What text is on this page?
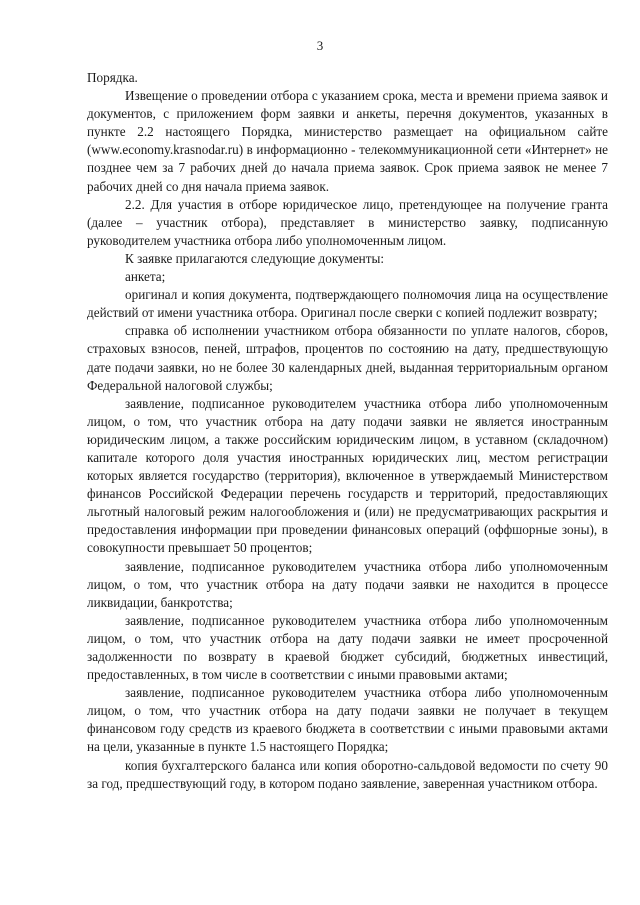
3

Порядка.

Извещение о проведении отбора с указанием срока, места и времени приема заявок и документов, с приложением форм заявки и анкеты, перечня документов, указанных в пункте 2.2 настоящего Порядка, министерство размещает на официальном сайте (www.economy.krasnodar.ru) в информационно - телекоммуникационной сети «Интернет» не позднее чем за 7 рабочих дней до начала приема заявок. Срок приема заявок не менее 7 рабочих дней со дня начала приема заявок.

2.2. Для участия в отборе юридическое лицо, претендующее на получение гранта (далее – участник отбора), представляет в министерство заявку, подписанную руководителем участника отбора либо уполномоченным лицом.

К заявке прилагаются следующие документы:

анкета;

оригинал и копия документа, подтверждающего полномочия лица на осуществление действий от имени участника отбора. Оригинал после сверки с копией подлежит возврату;

справка об исполнении участником отбора обязанности по уплате налогов, сборов, страховых взносов, пеней, штрафов, процентов по состоянию на дату, предшествующую дате подачи заявки, но не более 30 календарных дней, выданная территориальным органом Федеральной налоговой службы;

заявление, подписанное руководителем участника отбора либо уполномоченным лицом, о том, что участник отбора на дату подачи заявки не является иностранным юридическим лицом, а также российским юридическим лицом, в уставном (складочном) капитале которого доля участия иностранных юридических лиц, местом регистрации которых является государство (территория), включенное в утверждаемый Министерством финансов Российской Федерации перечень государств и территорий, предоставляющих льготный налоговый режим налогообложения и (или) не предусматривающих раскрытия и предоставления информации при проведении финансовых операций (оффшорные зоны), в совокупности превышает 50 процентов;

заявление, подписанное руководителем участника отбора либо уполномоченным лицом, о том, что участник отбора на дату подачи заявки не находится в процессе ликвидации, банкротства;

заявление, подписанное руководителем участника отбора либо уполномоченным лицом, о том, что участник отбора на дату подачи заявки не имеет просроченной задолженности по возврату в краевой бюджет субсидий, бюджетных инвестиций, предоставленных, в том числе в соответствии с иными правовыми актами;

заявление, подписанное руководителем участника отбора либо уполномоченным лицом, о том, что участник отбора на дату подачи заявки не получает в текущем финансовом году средств из краевого бюджета в соответствии с иными правовыми актами на цели, указанные в пункте 1.5 настоящего Порядка;

копия бухгалтерского баланса или копия оборотно-сальдовой ведомости по счету 90 за год, предшествующий году, в котором подано заявление, заверенная участником отбора.
